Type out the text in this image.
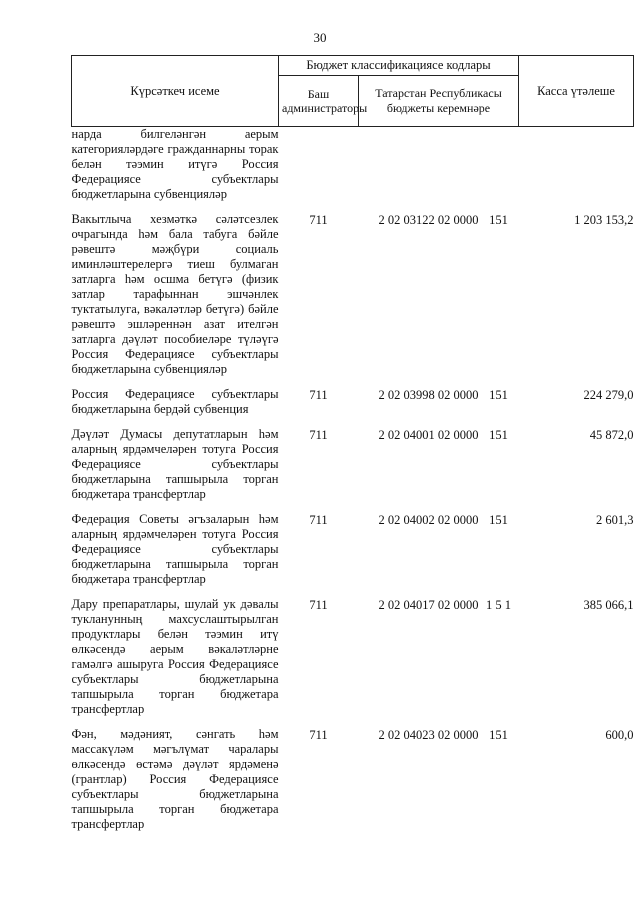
30
Күрсәткеч исеме	Бюджет классификациясе кодлары			Касса үтәлеше
	Баш администраторы	Татарстан Республикасы бюджеты керемнәре		
нарда билгеләнгән аерым категорияләрдәге гражданнарны торак белән тәэмин итүгә Россия Федерациясе субъектлары бюджетларына субвенцияләр				
Вакытлыча хезмәткә сәләтсезлек очрагында һәм бала табуга бәйле рәвештә мәҗбүри социаль иминләштерелергә тиеш булмаган затларга һәм осшма бетүгә (физик затлар тарафыннан эшчәнлек туктатылуга, вәкаләтләр бетүгә) бәйле рәвештә эшләреннән азат ителгән затларга дәүләт пособиеләре түләүгә Россия Федерациясе субъектлары бюджетларына субвенцияләр	711	2 02 03122 02 0000	151	1 203 153,2
Россия Федерациясе субъектлары бюджетларына бердәй субвенция	711	2 02 03998 02 0000	151	224 279,0
Дәүләт Думасы депутатларын һәм аларның ярдәмчеләрен тотуга Россия Федерациясе субъектлары бюджетларына тапшырыла торган бюджетара трансфертлар	711	2 02 04001 02 0000	151	45 872,0
Федерация Советы әгъзаларын һәм аларның ярдәмчеләрен тотуга Россия Федерациясе субъектлары бюджетларына тапшырыла торган бюджетара трансфертлар	711	2 02 04002 02 0000	151	2 601,3
Дару препаратлары, шулай ук дәвалы тукланунның махсуслаштырылган продуктлары белән тәэмин итү өлкәсендә аерым вәкаләтләрне гамәлгә ашыруга Россия Федерациясе субъектлары бюджетларына тапшырыла торган бюджетара трансфертлар	711	2 02 04017 02 0000	1 5 1	385 066,1
Фән, мәдәният, сәнгать һәм массакүләм мәгълүмат чаралары өлкәсендә өстәмә дәүләт ярдәменә (грантлар) Россия Федерациясе субъектлары бюджетларына тапшырыла торган бюджетара трансфертлар	711	2 02 04023 02 0000	151	600,0
